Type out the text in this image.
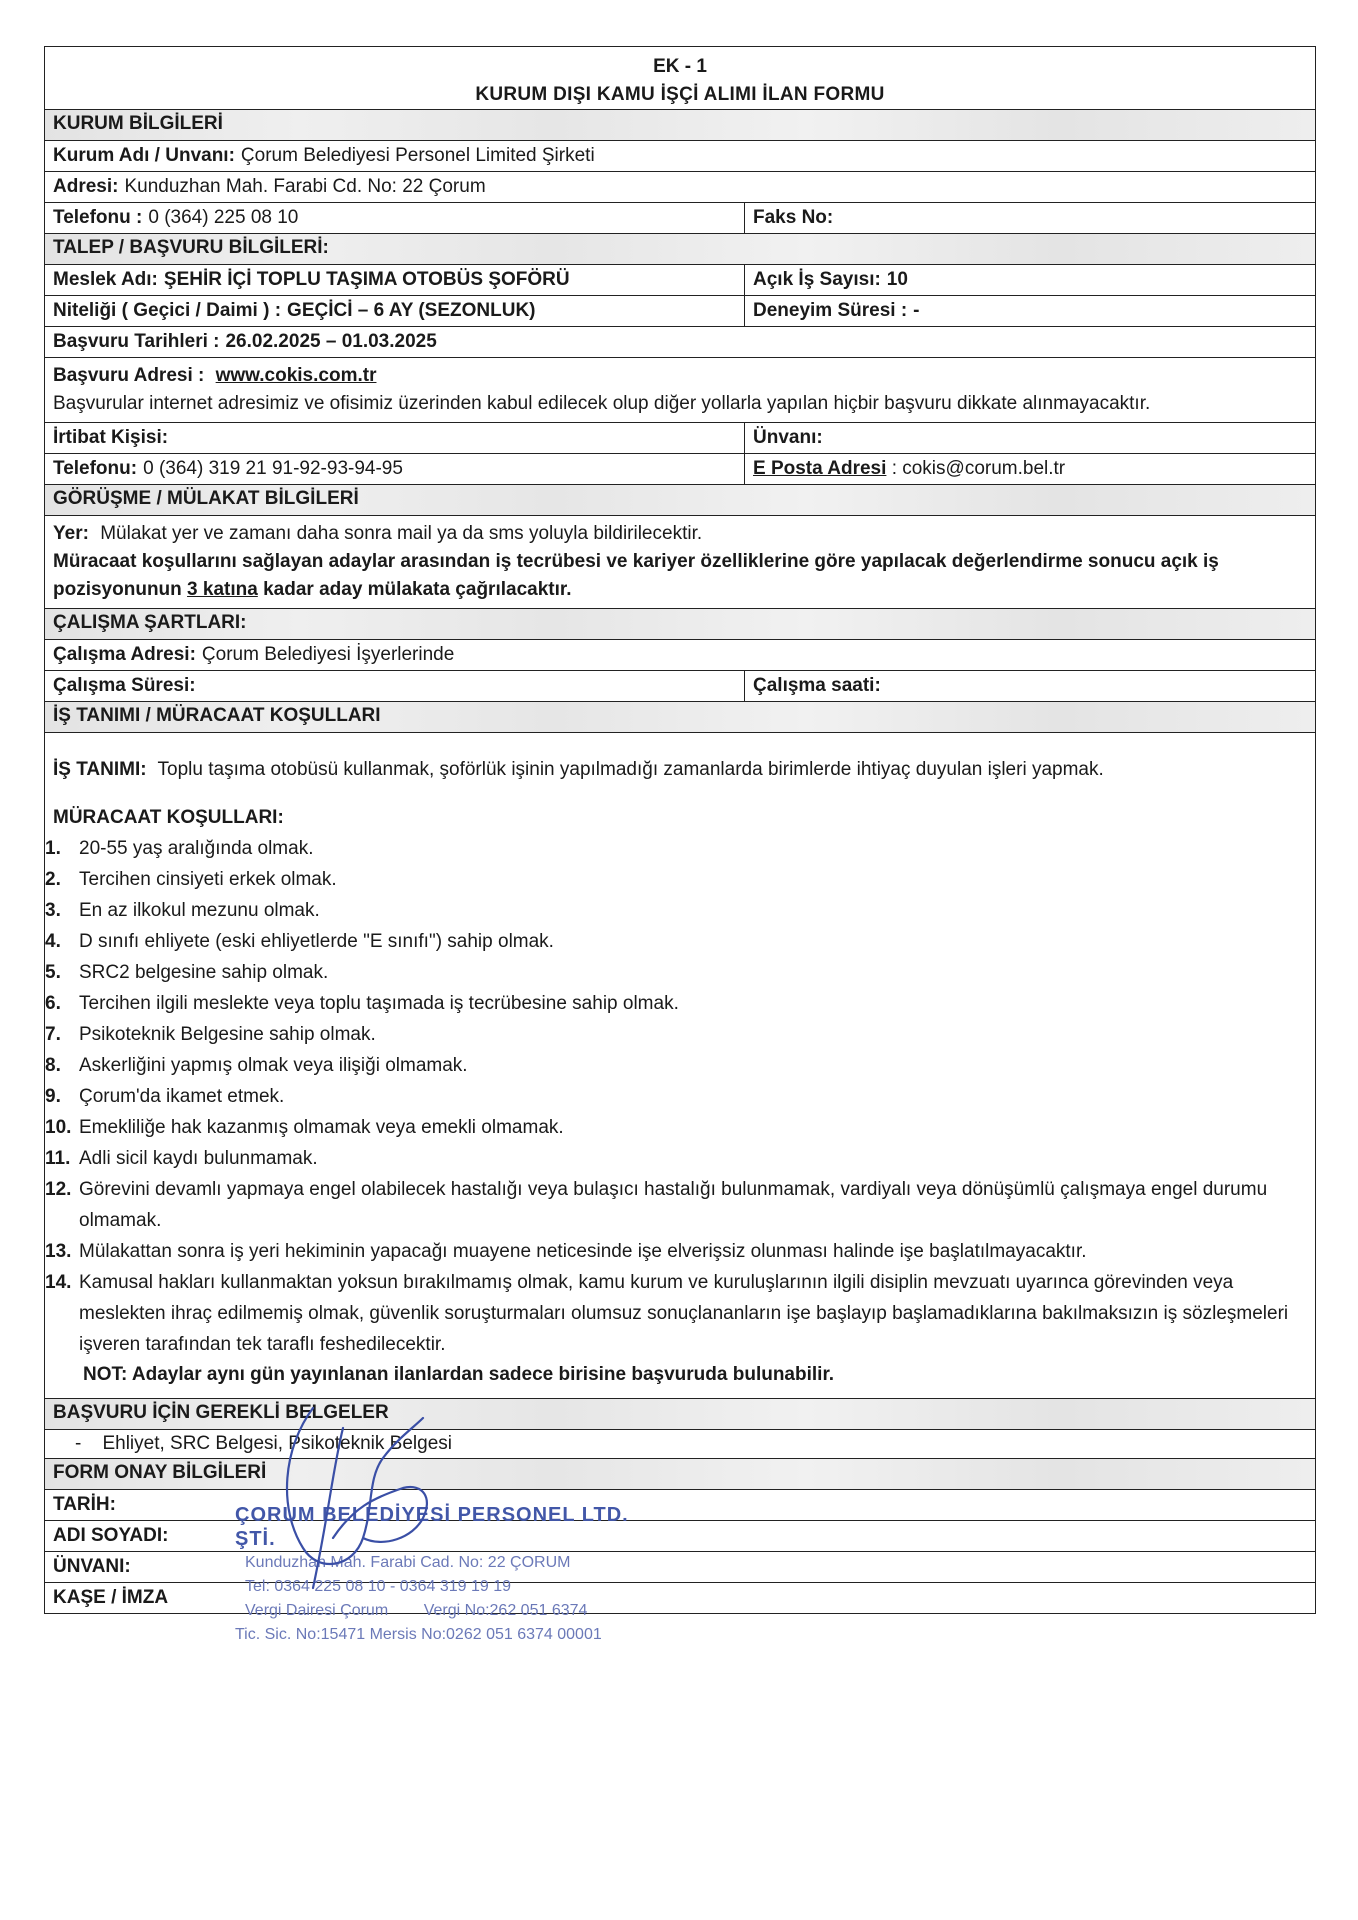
EK - 1
KURUM DIŞI KAMU İŞÇİ ALIMI İLAN FORMU
KURUM BİLGİLERİ
Kurum Adı / Unvanı: Çorum Belediyesi Personel Limited Şirketi
Adresi: Kunduzhan Mah. Farabi Cd. No: 22 Çorum
Telefonu : 0 (364) 225 08 10	Faks No:
TALEP / BAŞVURU BİLGİLERİ:
Meslek Adı: ŞEHİR İÇİ TOPLU TAŞIMA OTOBÜS ŞOFÖRÜ	Açık İş Sayısı: 10
Niteliği ( Geçici / Daimi ) : GEÇİCİ – 6 AY (SEZONLUK)	Deneyim Süresi : -
Başvuru Tarihleri : 26.02.2025 – 01.03.2025

Başvuru Adresi : www.cokis.com.tr

Başvurular internet adresimiz ve ofisimiz üzerinden kabul edilecek olup diğer yollarla yapılan hiçbir başvuru dikkate alınmayacaktır.

İrtibat Kişisi:	Ünvanı:
Telefonu: 0 (364) 319 21 91-92-93-94-95	E Posta Adresi
: cokis@corum.bel.tr
GÖRÜŞME / MÜLAKAT BİLGİLERİ

Yer: Mülakat yer ve zamanı daha sonra mail ya da sms yoluyla bildirilecektir.

Müracaat koşullarını sağlayan adaylar arasından iş tecrübesi ve kariyer özelliklerine göre yapılacak değerlendirme sonucu açık iş pozisyonunun 3 katına kadar aday mülakata çağrılacaktır.

ÇALIŞMA ŞARTLARI:
Çalışma Adresi: Çorum Belediyesi İşyerlerinde
Çalışma Süresi:	Çalışma saati:
İŞ TANIMI / MÜRACAAT KOŞULLARI

İŞ TANIMI: Toplu taşıma otobüsü kullanmak, şoförlük işinin yapılmadığı zamanlarda birimlerde ihtiyaç duyulan işleri yapmak.

MÜRACAAT KOŞULLARI:

1. 20-55 yaş aralığında olmak.
2. Tercihen cinsiyeti erkek olmak.
3. En az ilkokul mezunu olmak.
4. D sınıfı ehliyete (eski ehliyetlerde "E sınıfı") sahip olmak.
5. SRC2 belgesine sahip olmak.
6. Tercihen ilgili meslekte veya toplu taşımada iş tecrübesine sahip olmak.
7. Psikoteknik Belgesine sahip olmak.
8. Askerliğini yapmış olmak veya ilişiği olmamak.
9. Çorum'da ikamet etmek.
10. Emekliliğe hak kazanmış olmamak veya emekli olmamak.
11. Adli sicil kaydı bulunmamak.
12. Görevini devamlı yapmaya engel olabilecek hastalığı veya bulaşıcı hastalığı bulunmamak, vardiyalı veya dönüşümlü çalışmaya engel durumu olmamak.
13. Mülakattan sonra iş yeri hekiminin yapacağı muayene neticesinde işe elverişsiz olunması halinde işe başlatılmayacaktır.
14. Kamusal hakları kullanmaktan yoksun bırakılmamış olmak, kamu kurum ve kuruluşlarının ilgili disiplin mevzuatı uyarınca görevinden veya meslekten ihraç edilmemiş olmak, güvenlik soruşturmaları olumsuz sonuçlananların işe başlayıp başlamadıklarına bakılmaksızın iş sözleşmeleri işveren tarafından tek taraflı feshedilecektir.

NOT: Adaylar aynı gün yayınlanan ilanlardan sadece birisine başvuruda bulunabilir.

BAŞVURU İÇİN GEREKLİ BELGELER
- Ehliyet, SRC Belgesi, Psikoteknik Belgesi
FORM ONAY BİLGİLERİ
TARİH:
ADI SOYADI:
ÜNVANI:
KAŞE / İMZA
ÇORUM BELEDİYESİ PERSONEL LTD. ŞTİ.
Kunduzhan Mah. Farabi Cad. No: 22 ÇORUM
Tel: 0364 225 08 10 - 0364 319 19 19
Vergi Dairesi Çorum        Vergi No:262 051 6374
Tic. Sic. No:15471 Mersis No:0262 051 6374 00001
